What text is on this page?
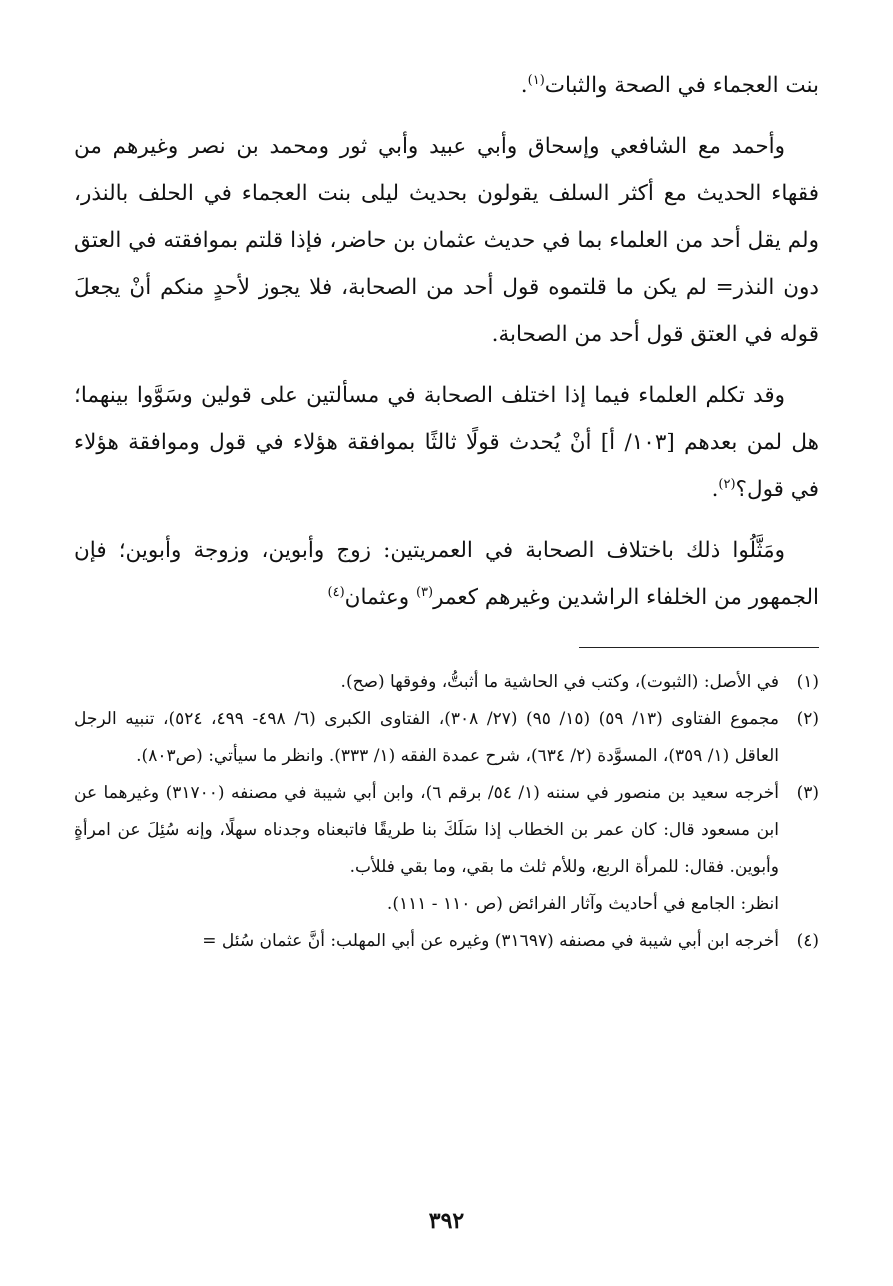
بنت العجماء في الصحة والثبات$^{(١)}$.

وأحمد مع الشافعي وإسحاق وأبي عبيد وأبي ثور ومحمد بن نصر وغيرهم من فقهاء الحديث مع أكثر السلف يقولون بحديث ليلى بنت العجماء في الحلف بالنذر، ولم يقل أحد من العلماء بما في حديث عثمان بن حاضر، فإذا قلتم بموافقته في العتق دون النذر= لم يكن ما قلتموه قول أحد من الصحابة، فلا يجوز لأحدٍ منكم أنْ يجعلَ قوله في العتق قول أحد من الصحابة.

وقد تكلم العلماء فيما إذا اختلف الصحابة في مسألتين على قولين وسَوَّوا بينهما؛ هل لمن بعدهم [١٠٣/ أ] أنْ يُحدث قولًا ثالثًا بموافقة هؤلاء في قول وموافقة هؤلاء في قول؟$^{(٢)}$.

ومَثَّلُوا ذلك باختلاف الصحابة في العمريتين: زوج وأبوين، وزوجة وأبوين؛ فإن الجمهور من الخلفاء الراشدين وغيرهم كعمر$^{(٣)}$ وعثمان$^{(٤)}$

(١)
في الأصل: (الثبوت)، وكتب في الحاشية ما أثبتُّ، وفوقها (صح).
(٢)
مجموع الفتاوى (١٣/ ٥٩) (١٥/ ٩٥) (٢٧/ ٣٠٨)، الفتاوى الكبرى (٦/ ٤٩٨- ٤٩٩، ٥٢٤)، تنبيه الرجل العاقل (١/ ٣٥٩)، المسوَّدة (٢/ ٦٣٤)، شرح عمدة الفقه (١/ ٣٣٣). وانظر ما سيأتي: (ص٨٠٣).
(٣)
أخرجه سعيد بن منصور في سننه (١/ ٥٤/ برقم ٦)، وابن أبي شيبة في مصنفه (٣١٧٠٠) وغيرهما عن ابن مسعود قال: كان عمر بن الخطاب إذا سَلَكَ بنا طريقًا فاتبعناه وجدناه سهلًا، وإنه سُئِلَ عن امرأةٍ وأبوين. فقال: للمرأة الربع، وللأم ثلث ما بقي، وما بقي فللأب.
انظر: الجامع في أحاديث وآثار الفرائض (ص ١١٠ - ١١١).
(٤)
أخرجه ابن أبي شيبة في مصنفه (٣١٦٩٧) وغيره عن أبي المهلب: أنَّ عثمان سُئل =
٣٩٢
